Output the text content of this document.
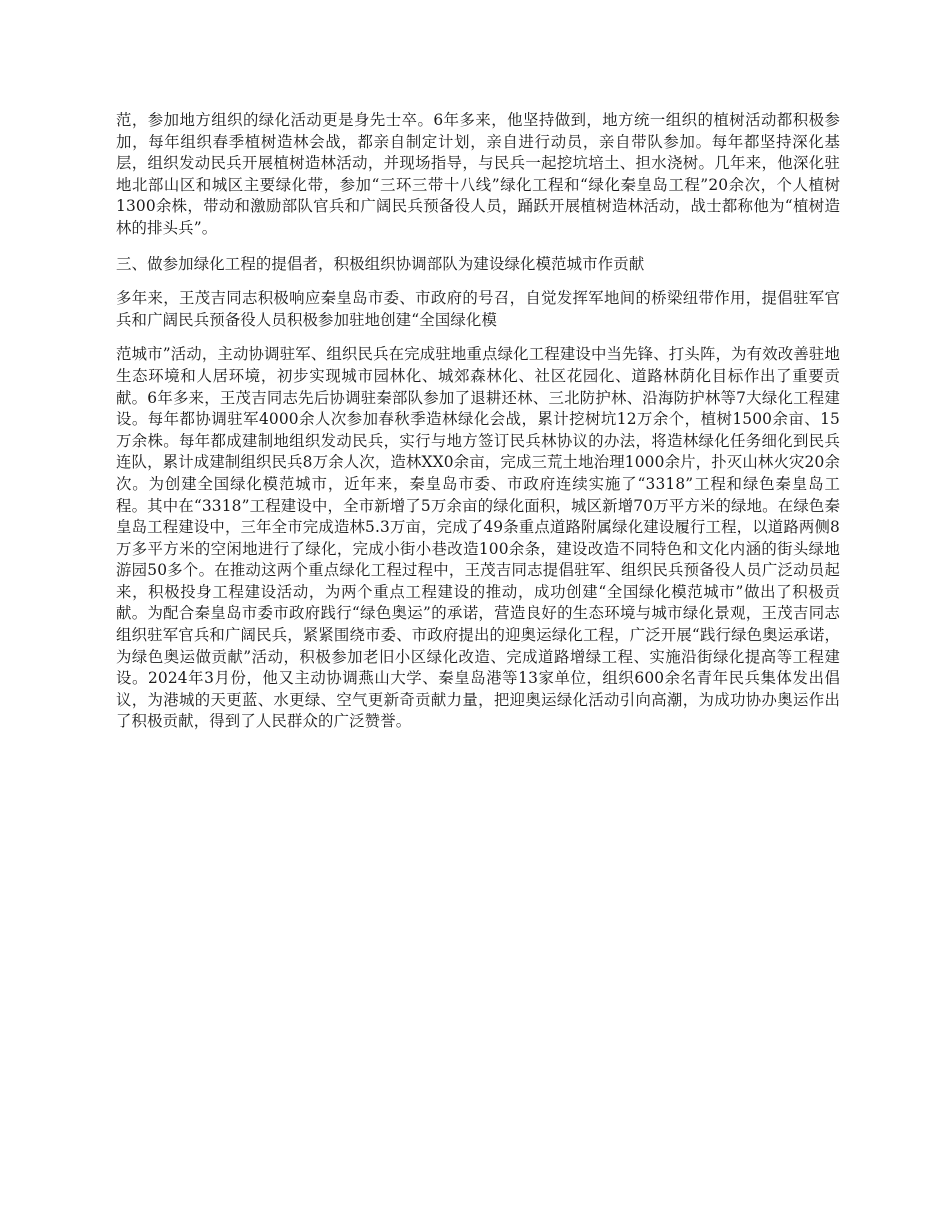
范，参加地方组织的绿化活动更是身先士卒。6年多来，他坚持做到，地方统一组织的植树活动都积极参加，每年组织春季植树造林会战，都亲自制定计划，亲自进行动员，亲自带队参加。每年都坚持深化基层，组织发动民兵开展植树造林活动，并现场指导，与民兵一起挖坑培土、担水浇树。几年来，他深化驻地北部山区和城区主要绿化带，参加“三环三带十八线”绿化工程和“绿化秦皇岛工程”20余次，个人植树1300余株，带动和激励部队官兵和广阔民兵预备役人员，踊跃开展植树造林活动，战士都称他为“植树造林的排头兵”。

三、做参加绿化工程的提倡者，积极组织协调部队为建设绿化模范城市作贡献

多年来，王茂吉同志积极响应秦皇岛市委、市政府的号召，自觉发挥军地间的桥梁纽带作用，提倡驻军官兵和广阔民兵预备役人员积极参加驻地创建“全国绿化模

范城市”活动，主动协调驻军、组织民兵在完成驻地重点绿化工程建设中当先锋、打头阵，为有效改善驻地生态环境和人居环境，初步实现城市园林化、城郊森林化、社区花园化、道路林荫化目标作出了重要贡献。6年多来，王茂吉同志先后协调驻秦部队参加了退耕还林、三北防护林、沿海防护林等7大绿化工程建设。每年都协调驻军4000余人次参加春秋季造林绿化会战，累计挖树坑12万余个，植树1500余亩、15万余株。每年都成建制地组织发动民兵，实行与地方签订民兵林协议的办法，将造林绿化任务细化到民兵连队，累计成建制组织民兵8万余人次，造林XX0余亩，完成三荒土地治理1000余片，扑灭山林火灾20余次。为创建全国绿化模范城市，近年来，秦皇岛市委、市政府连续实施了“3318”工程和绿色秦皇岛工程。其中在“3318”工程建设中，全市新增了5万余亩的绿化面积，城区新增70万平方米的绿地。在绿色秦皇岛工程建设中，三年全市完成造林5.3万亩，完成了49条重点道路附属绿化建设履行工程，以道路两侧8万多平方米的空闲地进行了绿化，完成小街小巷改造100余条，建设改造不同特色和文化内涵的街头绿地游园50多个。在推动这两个重点绿化工程过程中，王茂吉同志提倡驻军、组织民兵预备役人员广泛动员起来，积极投身工程建设活动，为两个重点工程建设的推动，成功创建“全国绿化模范城市”做出了积极贡献。为配合秦皇岛市委市政府践行“绿色奥运”的承诺，营造良好的生态环境与城市绿化景观，王茂吉同志组织驻军官兵和广阔民兵，紧紧围绕市委、市政府提出的迎奥运绿化工程，广泛开展“践行绿色奥运承诺，为绿色奥运做贡献”活动，积极参加老旧小区绿化改造、完成道路增绿工程、实施沿街绿化提高等工程建设。2024年3月份，他又主动协调燕山大学、秦皇岛港等13家单位，组织600余名青年民兵集体发出倡议，为港城的天更蓝、水更绿、空气更新奇贡献力量，把迎奥运绿化活动引向高潮，为成功协办奥运作出了积极贡献，得到了人民群众的广泛赞誉。
